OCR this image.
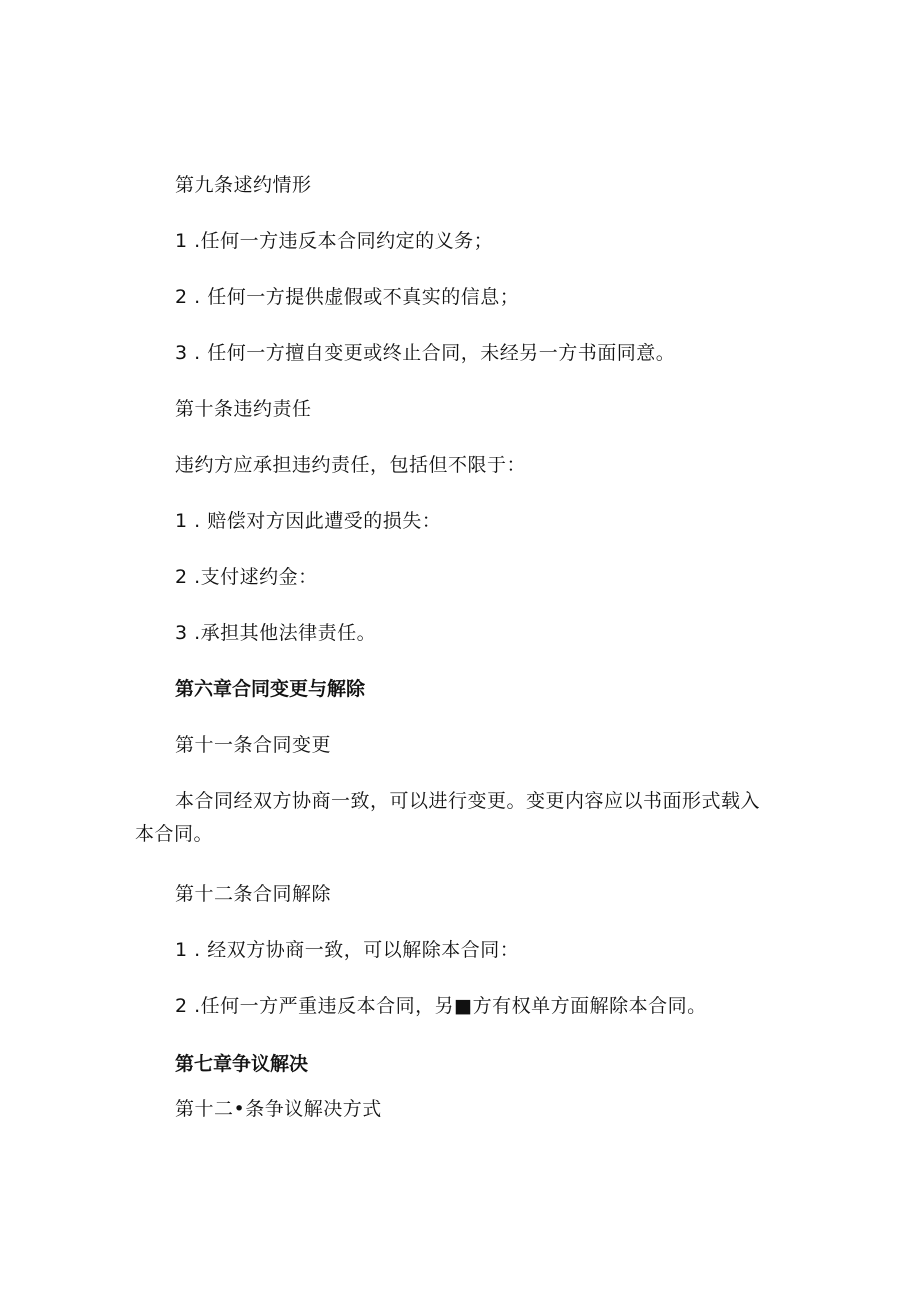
第九条逑约情形
1 .任何一方违反本合同约定的义务；
2 . 任何一方提供虚假或不真实的信息；
3 . 任何一方擅自变更或终止合同，未经另一方书面同意。
第十条违约责任
违约方应承担违约责任，包括但不限于：
1 . 赔偿对方因此遭受的损失：
2 .支付逑约金：
3 .承担其他法律责任。
第六章合同变更与解除
第十一条合同变更
本合同经双方协商一致，可以进行变更。变更内容应以书面形式载入
本合同。
第十二条合同解除
1 . 经双方协商一致，可以解除本合同：
2 .任何一方严重违反本合同，另■方有权单方面解除本合同。
第七章争议解决
第十二•条争议解决方式
